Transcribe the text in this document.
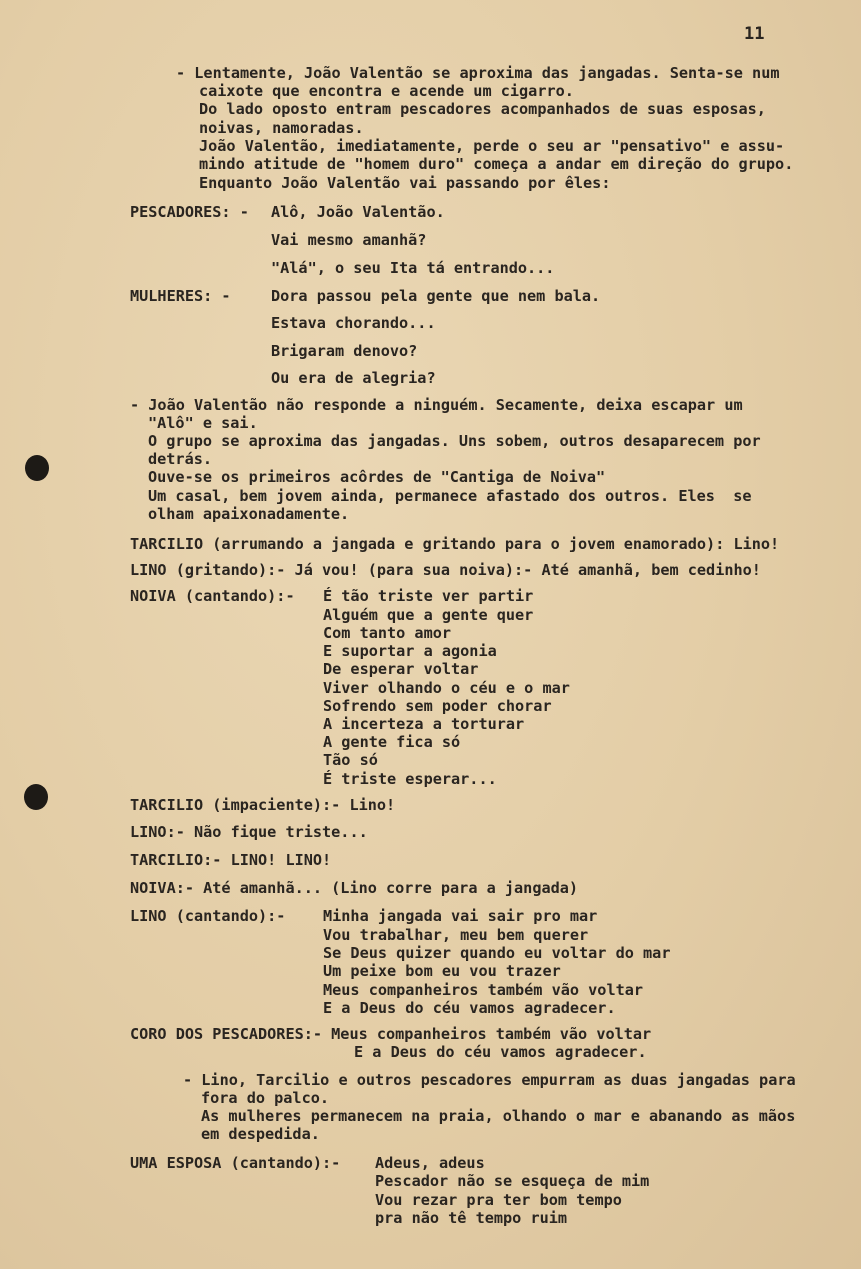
11
- Lentamente, João Valentão se aproxima das jangadas. Senta-se num
caixote que encontra e acende um cigarro.
Do lado oposto entram pescadores acompanhados de suas esposas,
noivas, namoradas.
João Valentão, imediatamente, perde o seu ar "pensativo" e assu-
mindo atitude de "homem duro" começa a andar em direção do grupo.
Enquanto João Valentão vai passando por êles:
PESCADORES: - Alô, João Valentão.
Vai mesmo amanhã?
"Alá", o seu Ita tá entrando...
MULHERES: -	Dora passou pela gente que nem bala.
Estava chorando...
Brigaram denovo?
Ou era de alegria?
- João Valentão não responde a ninguém. Secamente, deixa escapar um
"Alô" e sai.
O grupo se aproxima das jangadas. Uns sobem, outros desaparecem por
detrás.
Ouve-se os primeiros acôrdes de "Cantiga de Noiva"
Um casal, bem jovem ainda, permanece afastado dos outros. Eles  se
olham apaixonadamente.
TARCILIO (arrumando a jangada e gritando para o jovem enamorado): Lino!
LINO (gritando):- Já vou! (para sua noiva):- Até amanhã, bem cedinho!
NOIVA (cantando):- É tão triste ver partir
Alguém que a gente quer
Com tanto amor
E suportar a agonia
De esperar voltar
Viver olhando o céu e o mar
Sofrendo sem poder chorar
A incerteza a torturar
A gente fica só
Tão só
É triste esperar...
TARCILIO (impaciente):- Lino!
LINO:- Não fique triste...
TARCILIO:- LINO! LINO!
NOIVA:- Até amanhã... (Lino corre para a jangada)
LINO (cantando):- Minha jangada vai sair pro mar
Vou trabalhar, meu bem querer
Se Deus quizer quando eu voltar do mar
Um peixe bom eu vou trazer
Meus companheiros também vão voltar
E a Deus do céu vamos agradecer.
CORO DOS PESCADORES:- Meus companheiros também vão voltar
E a Deus do céu vamos agradecer.
- Lino, Tarcilio e outros pescadores empurram as duas jangadas para
fora do palco.
As mulheres permanecem na praia, olhando o mar e abanando as mãos
em despedida.
UMA ESPOSA (cantando):- Adeus, adeus
Pescador não se esqueça de mim
Vou rezar pra ter bom tempo
pra não tê tempo ruim
